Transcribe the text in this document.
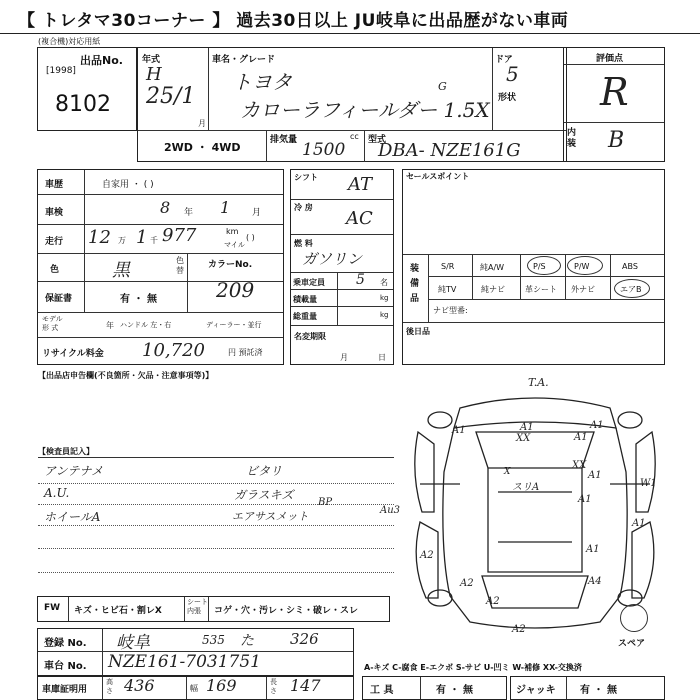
【 トレタマ30コーナー 】 過去30日以上 JU岐阜に出品歴がない車両
(複合機)対応用紙
出品No.
[1998]
8102
年式
H
25/1
月
車名・グレード
トヨタ
カローラフィールダー 1.5X
G
2WD ・ 4WD
排気量	cc
1500	型式
DBA- NZE161G
ドア
5
形状
評価点
R
内
装 B
車歴	自家用 ・ ( )
車検	8 年 1 月
走行 12 万 1 千 977	km
マイル
( )
色	黒	色替
カラーNo.
209
保証書	有 ・ 無
モデル
形 式	年 ハンドル 左・右	ディーラー・並行
リサイクル料金 10,720	円 預託済
シフト AT
冷 房
AC
燃 料
ガソリン
乗車定員 5 名
積載量	kg
総重量	kg
名変期限
月	日
セールスポイント
装
備
品
S/R	純A/W	P/S	P/W	ABS
純TV	純ナビ	革シート 外ナビ	エアB
ナビ型番:
後日品
【出品店申告欄(不良箇所・欠品・注意事項等)】
【検査員記入】
アンテナメ
A.U.
ホイールA
ビタリ
ガラスキズ
エアサスメット
BP
T.A.
A1	A1
XX	A1
A1
XX
X	A1
スリA
A1
W1
Au3
A1
A2
A1
A2	A4
A2
A2
スペア
FW キズ・ヒビ石・割レX
シート
内張	コゲ・穴・汚レ・シミ・破レ・スレ
登録 No. 岐阜	535 た 326
車台 No. NZE161-7031751	A-キズ C-腐食 E-エクボ S-サビ U-凹ミ W-補修 XX-交換済
車庫証明用
高さ 436	幅 169	長さ 147	工 具	有 ・ 無	ジャッキ 有 ・ 無
